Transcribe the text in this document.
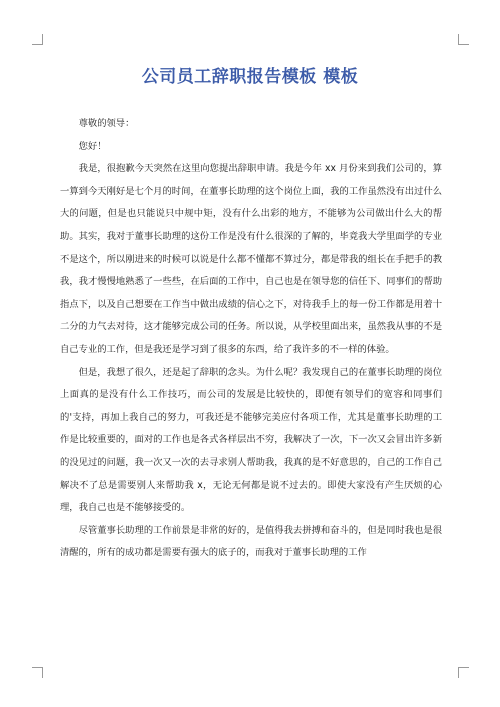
公司员工辞职报告模板 模板

尊敬的领导：

您好！

我是，很抱歉今天突然在这里向您提出辞职申请。我是今年 xx 月份来到我们公司的，算一算到今天刚好是七个月的时间，在董事长助理的这个岗位上面，我的工作虽然没有出过什么大的问题，但是也只能说只中规中矩，没有什么出彩的地方，不能够为公司做出什么大的帮助。其实，我对于董事长助理的这份工作是没有什么很深的了解的，毕竟我大学里面学的专业不是这个，所以刚进来的时候可以说是什么都不懂都不算过分，都是带我的组长在手把手的教我，我才慢慢地熟悉了一些些，在后面的工作中，自己也是在领导您的信任下、同事们的帮助指点下，以及自己想要在工作当中做出成绩的信心之下，对待我手上的每一份工作都是用着十二分的力气去对待，这才能够完成公司的任务。所以说，从学校里面出来，虽然我从事的不是自己专业的工作，但是我还是学习到了很多的东西，给了我许多的不一样的体验。

但是，我想了很久，还是起了辞职的念头。为什么呢？我发现自己的在董事长助理的岗位上面真的是没有什么工作技巧，而公司的发展是比较快的，即便有领导们的宽容和同事们的'支持，再加上我自己的努力，可我还是不能够完美应付各项工作，尤其是董事长助理的工作是比较重要的，面对的工作也是各式各样层出不穷，我解决了一次，下一次又会冒出许多新的没见过的问题，我一次又一次的去寻求别人帮助我，我真的是不好意思的，自己的工作自己解决不了总是需要别人来帮助我 x，无论无何都是说不过去的。即使大家没有产生厌烦的心理，我自己也是不能够接受的。

尽管董事长助理的工作前景是非常的好的，是值得我去拼搏和奋斗的，但是同时我也是很清醒的，所有的成功都是需要有强大的底子的，而我对于董事长助理的工作
